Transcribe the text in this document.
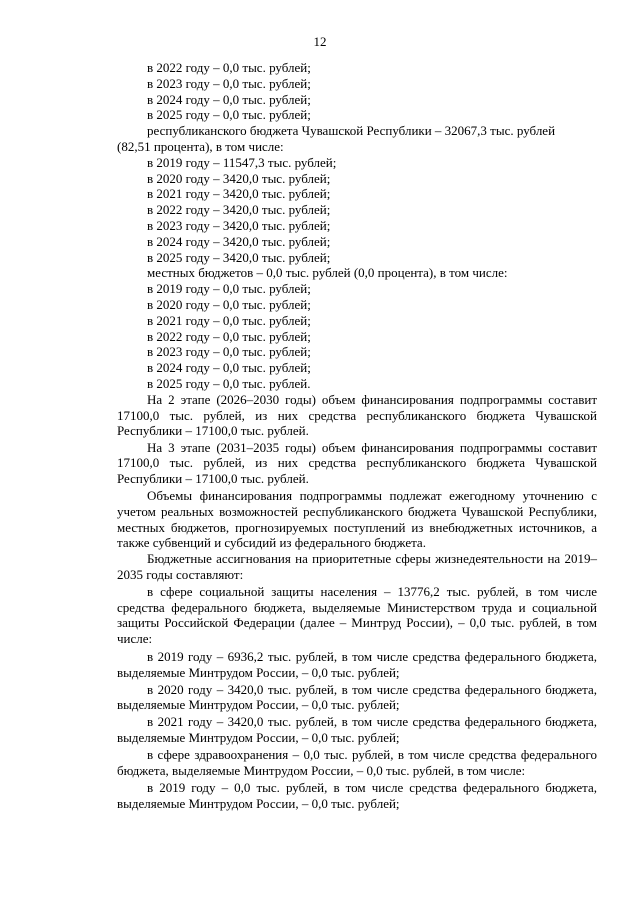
12
в 2022 году – 0,0 тыс. рублей;
в 2023 году – 0,0 тыс. рублей;
в 2024 году – 0,0 тыс. рублей;
в 2025 году – 0,0 тыс. рублей;
республиканского бюджета Чувашской Республики – 32067,3 тыс. рублей
(82,51 процента), в том числе:
в 2019 году – 11547,3 тыс. рублей;
в 2020 году – 3420,0 тыс. рублей;
в 2021 году – 3420,0 тыс. рублей;
в 2022 году – 3420,0 тыс. рублей;
в 2023 году – 3420,0 тыс. рублей;
в 2024 году – 3420,0 тыс. рублей;
в 2025 году – 3420,0 тыс. рублей;
местных бюджетов – 0,0 тыс. рублей (0,0 процента), в том числе:
в 2019 году – 0,0 тыс. рублей;
в 2020 году – 0,0 тыс. рублей;
в 2021 году – 0,0 тыс. рублей;
в 2022 году – 0,0 тыс. рублей;
в 2023 году – 0,0 тыс. рублей;
в 2024 году – 0,0 тыс. рублей;
в 2025 году – 0,0 тыс. рублей.

На 2 этапе (2026–2030 годы) объем финансирования подпрограммы составит 17100,0 тыс. рублей, из них средства республиканского бюджета Чувашской Республики – 17100,0 тыс. рублей.

На 3 этапе (2031–2035 годы) объем финансирования подпрограммы составит 17100,0 тыс. рублей, из них средства республиканского бюджета Чувашской Республики – 17100,0 тыс. рублей.

Объемы финансирования подпрограммы подлежат ежегодному уточнению с учетом реальных возможностей республиканского бюджета Чувашской Республики, местных бюджетов, прогнозируемых поступлений из внебюджетных источников, а также субвенций и субсидий из федерального бюджета.

Бюджетные ассигнования на приоритетные сферы жизнедеятельности на 2019–2035 годы составляют:

в сфере социальной защиты населения – 13776,2 тыс. рублей, в том числе средства федерального бюджета, выделяемые Министерством труда и социальной защиты Российской Федерации (далее – Минтруд России), – 0,0 тыс. рублей, в том числе:

в 2019 году – 6936,2 тыс. рублей, в том числе средства федерального бюджета, выделяемые Минтрудом России, – 0,0 тыс. рублей;

в 2020 году – 3420,0 тыс. рублей, в том числе средства федерального бюджета, выделяемые Минтрудом России, – 0,0 тыс. рублей;

в 2021 году – 3420,0 тыс. рублей, в том числе средства федерального бюджета, выделяемые Минтрудом России, – 0,0 тыс. рублей;

в сфере здравоохранения – 0,0 тыс. рублей, в том числе средства федерального бюджета, выделяемые Минтрудом России, – 0,0 тыс. рублей, в том числе:

в 2019 году – 0,0 тыс. рублей, в том числе средства федерального бюджета, выделяемые Минтрудом России, – 0,0 тыс. рублей;
